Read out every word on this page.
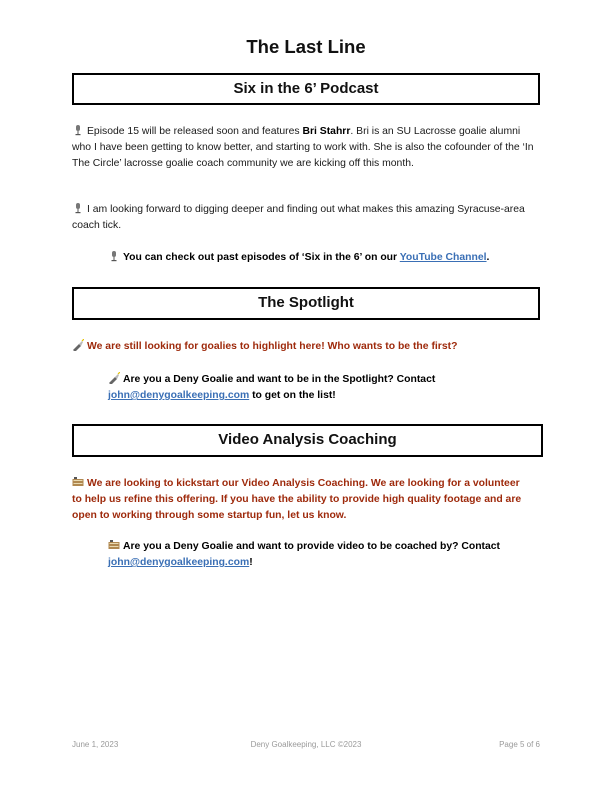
The Last Line
Six in the 6’ Podcast
Episode 15 will be released soon and features Bri Stahrr. Bri is an SU Lacrosse goalie alumni who I have been getting to know better, and starting to work with. She is also the cofounder of the ‘In The Circle’ lacrosse goalie coach community we are kicking off this month.
I am looking forward to digging deeper and finding out what makes this amazing Syracuse-area coach tick.
You can check out past episodes of ‘Six in the 6’ on our YouTube Channel.
The Spotlight
We are still looking for goalies to highlight here! Who wants to be the first?
Are you a Deny Goalie and want to be in the Spotlight? Contact john@denygoalkeeping.com to get on the list!
Video Analysis Coaching
We are looking to kickstart our Video Analysis Coaching. We are looking for a volunteer to help us refine this offering. If you have the ability to provide high quality footage and are open to working through some startup fun, let us know.
Are you a Deny Goalie and want to provide video to be coached by? Contact john@denygoalkeeping.com!
June 1, 2023	Deny Goalkeeping, LLC ©2023	Page 5 of 6
